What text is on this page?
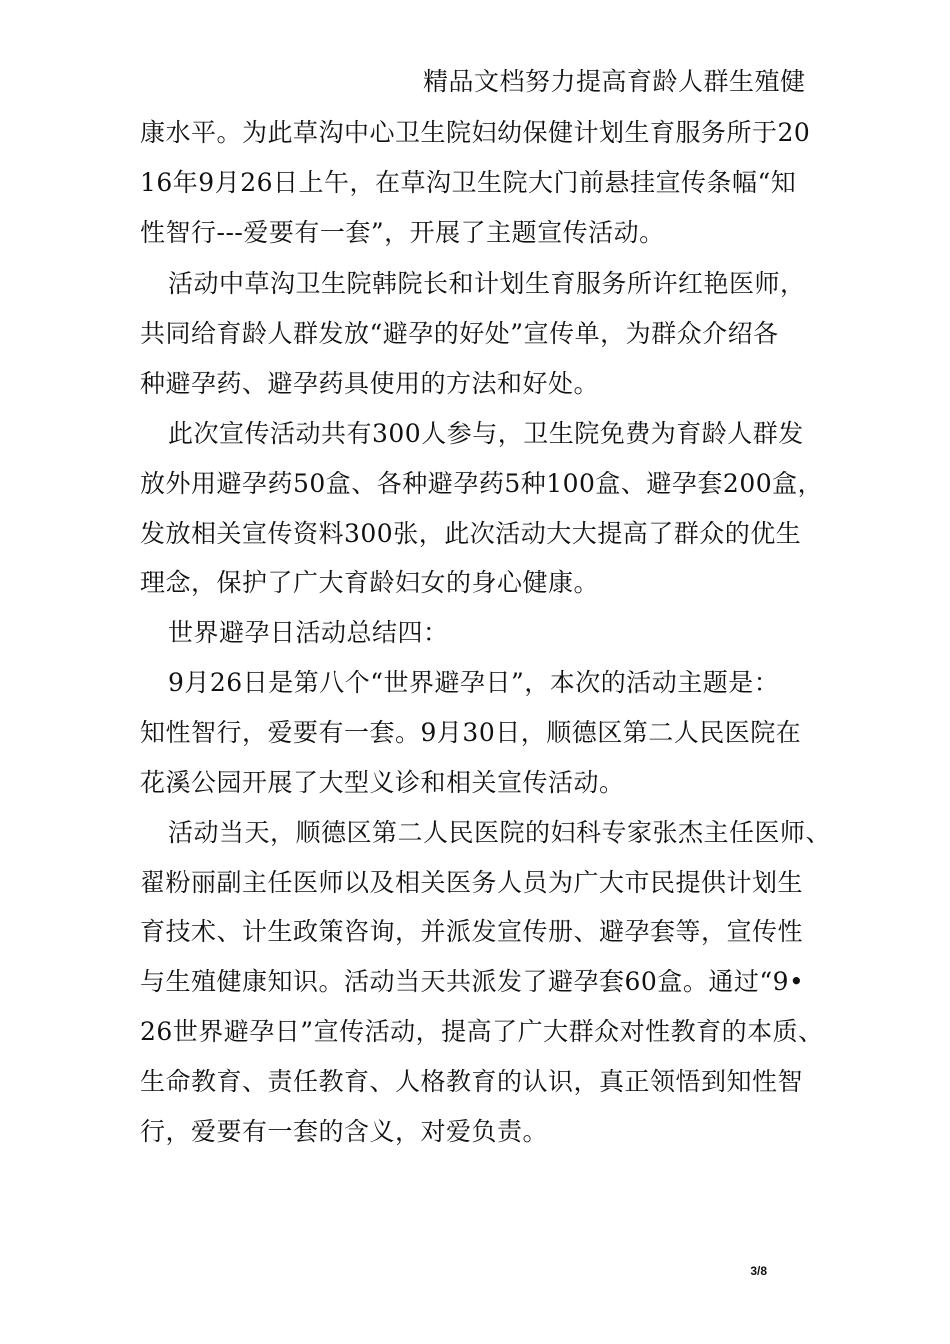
精品文档努力提高育龄人群生殖健
康水平。为此草沟中心卫生院妇幼保健计划生育服务所于20
16年9月26日上午，在草沟卫生院大门前悬挂宣传条幅“知
性智行---爱要有一套”，开展了主题宣传活动。
活动中草沟卫生院韩院长和计划生育服务所许红艳医师，
共同给育龄人群发放“避孕的好处”宣传单，为群众介绍各
种避孕药、避孕药具使用的方法和好处。
此次宣传活动共有300人参与，卫生院免费为育龄人群发
放外用避孕药50盒、各种避孕药5种100盒、避孕套200盒，
发放相关宣传资料300张，此次活动大大提高了群众的优生
理念，保护了广大育龄妇女的身心健康。
世界避孕日活动总结四：
9月26日是第八个“世界避孕日”，本次的活动主题是：
知性智行，爱要有一套。9月30日，顺德区第二人民医院在
花溪公园开展了大型义诊和相关宣传活动。
活动当天，顺德区第二人民医院的妇科专家张杰主任医师、
翟粉丽副主任医师以及相关医务人员为广大市民提供计划生
育技术、计生政策咨询，并派发宣传册、避孕套等，宣传性
与生殖健康知识。活动当天共派发了避孕套60盒。通过“9•
26世界避孕日”宣传活动，提高了广大群众对性教育的本质、
生命教育、责任教育、人格教育的认识，真正领悟到知性智
行，爱要有一套的含义，对爱负责。
3/8
